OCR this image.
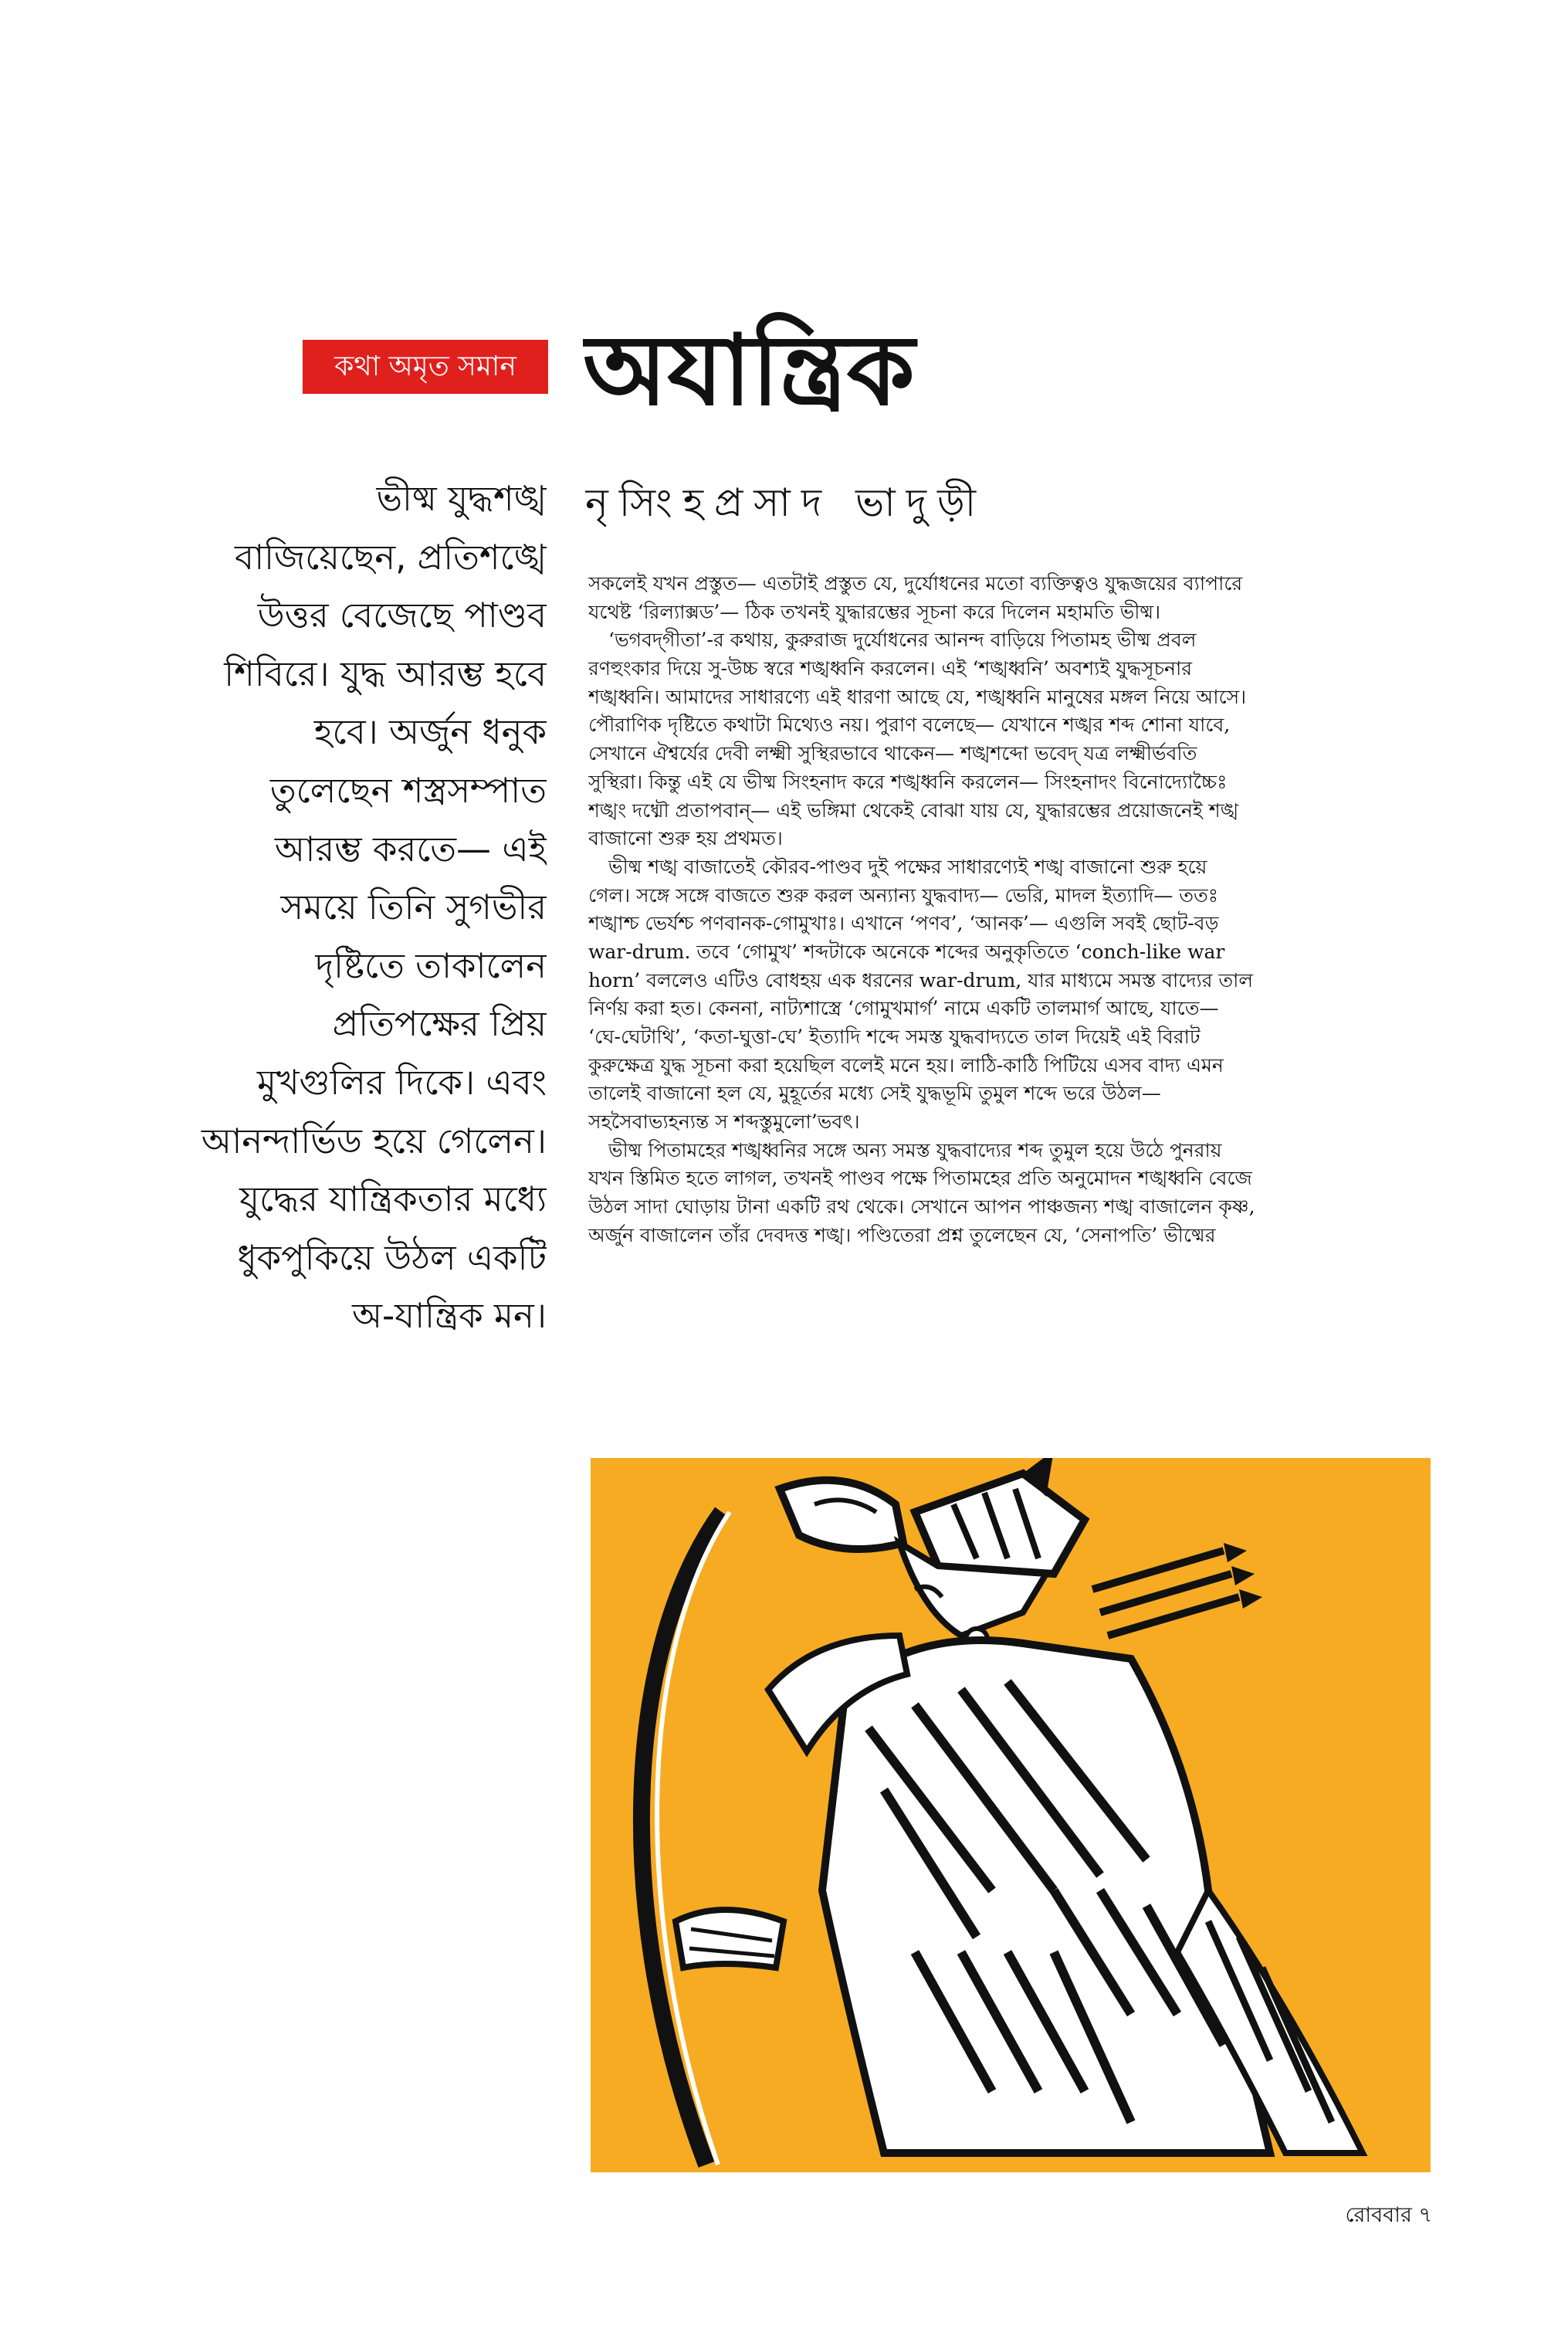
কথা অমৃত সমান অযান্ত্রিক
নৃসিংহপ্রসাদ ভাদুড়ী
ভীষ্ম যুদ্ধশঙ্খ
বাজিয়েছেন, প্রতিশঙ্খে
উত্তর বেজেছে পাণ্ডব
শিবিরে। যুদ্ধ আরম্ভ হবে
হবে। অর্জুন ধনুক
তুলেছেন শস্ত্রসম্পাত
আরম্ভ করতে— এই
সময়ে তিনি সুগভীর
দৃষ্টিতে তাকালেন
প্রতিপক্ষের প্রিয়
মুখগুলির দিকে। এবং
আনন্দার্ভিড হয়ে গেলেন।
যুদ্ধের যান্ত্রিকতার মধ্যে
ধুকপুকিয়ে উঠল একটি
অ-যান্ত্রিক মন।
সকলেই যখন প্রস্তুত— এতটাই প্রস্তুত যে, দুর্যোধনের মতো ব্যক্তিত্বও যুদ্ধজয়ের ব্যাপারে
যথেষ্ট ‘রিল্যাক্সড’— ঠিক তখনই যুদ্ধারম্ভের সূচনা করে দিলেন মহামতি ভীষ্ম।
‘ভগবদ্‌গীতা’-র কথায়, কুরুরাজ দুর্যোধনের আনন্দ বাড়িয়ে পিতামহ ভীষ্ম প্রবল
রণহুংকার দিয়ে সু-উচ্চ স্বরে শঙ্খধ্বনি করলেন। এই ‘শঙ্খধ্বনি’ অবশ্যই যুদ্ধসূচনার
শঙ্খধ্বনি। আমাদের সাধারণ্যে এই ধারণা আছে যে, শঙ্খধ্বনি মানুষের মঙ্গল নিয়ে আসে।
পৌরাণিক দৃষ্টিতে কথাটা মিথ্যেও নয়। পুরাণ বলেছে— যেখানে শঙ্খর শব্দ শোনা যাবে,
সেখানে ঐশ্বর্যের দেবী লক্ষ্মী সুস্থিরভাবে থাকেন— শঙ্খশব্দো ভবেদ্‌ যত্র লক্ষ্মীর্ভবতি
সুস্থিরা। কিন্তু এই যে ভীষ্ম সিংহনাদ করে শঙ্খধ্বনি করলেন— সিংহনাদং বিনোদ্যোচ্চৈঃ
শঙ্খং দধ্মৌ প্রতাপবান্— এই ভঙ্গিমা থেকেই বোঝা যায় যে, যুদ্ধারম্ভের প্রয়োজনেই শঙ্খ
বাজানো শুরু হয় প্রথমত।
ভীষ্ম শঙ্খ বাজাতেই কৌরব-পাণ্ডব দুই পক্ষের সাধারণ্যেই শঙ্খ বাজানো শুরু হয়ে
গেল। সঙ্গে সঙ্গে বাজতে শুরু করল অন্যান্য যুদ্ধবাদ্য— ভেরি, মাদল ইত্যাদি— ততঃ
শঙ্খাশ্চ ভের্যশ্চ পণবানক-গোমুখাঃ। এখানে ‘পণব’, ‘আনক’— এগুলি সবই ছোট-বড়
war-drum. তবে ‘গোমুখ’ শব্দটাকে অনেকে শব্দের অনুকৃতিতে ‘conch-like war
horn’ বললেও এটিও বোধহয় এক ধরনের war-drum, যার মাধ্যমে সমস্ত বাদ্যের তাল
নির্ণয় করা হত। কেননা, নাট্যশাস্ত্রে ‘গোমুখমার্গ’ নামে একটি তালমার্গ আছে, যাতে—
‘ঘে-ঘেটাথি’, ‘কতা-ঘুত্তা-ঘে’ ইত্যাদি শব্দে সমস্ত যুদ্ধবাদ্যতে তাল দিয়েই এই বিরাট
কুরুক্ষেত্র যুদ্ধ সূচনা করা হয়েছিল বলেই মনে হয়। লাঠি-কাঠি পিটিয়ে এসব বাদ্য এমন
তালেই বাজানো হল যে, মুহূর্তের মধ্যে সেই যুদ্ধভূমি তুমুল শব্দে ভরে উঠল—
সহসৈবাভ্যহন্যন্ত স শব্দস্তুমুলো’ভবৎ।
ভীষ্ম পিতামহের শঙ্খধ্বনির সঙ্গে অন্য সমস্ত যুদ্ধবাদ্যের শব্দ তুমুল হয়ে উঠে পুনরায়
যখন স্তিমিত হতে লাগল, তখনই পাণ্ডব পক্ষে পিতামহের প্রতি অনুমোদন শঙ্খধ্বনি বেজে
উঠল সাদা ঘোড়ায় টানা একটি রথ থেকে। সেখানে আপন পাঞ্চজন্য শঙ্খ বাজালেন কৃষ্ণ,
অর্জুন বাজালেন তাঁর দেবদত্ত শঙ্খ। পণ্ডিতেরা প্রশ্ন তুলেছেন যে, ‘সেনাপতি’ ভীষ্মের
রোববার ৭
